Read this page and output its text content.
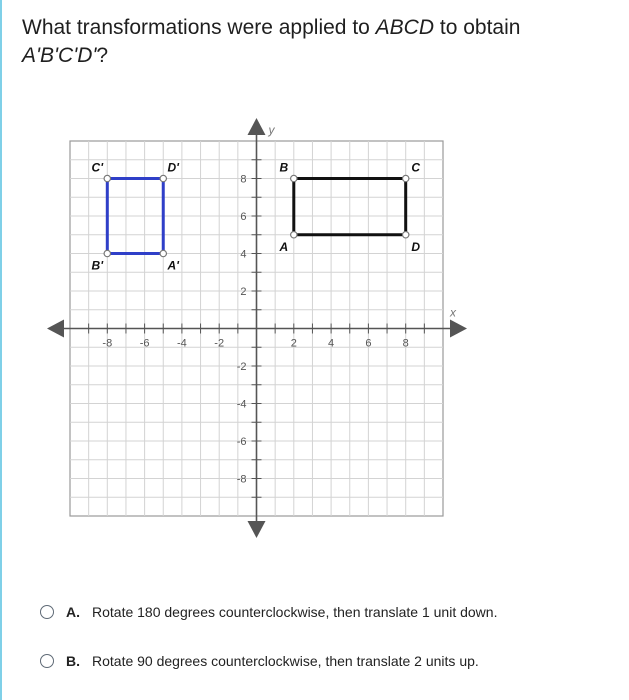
What transformations were applied to ABCD to obtain
A'B'C'D'?
y
x
-8	-6	-4	-2	2	4	6	8
8
6
4
2
-2
-4
-6
-8
A
B	C
D
A'
B'
C'	D'
A. Rotate 180 degrees counterclockwise, then translate 1 unit down.
B. Rotate 90 degrees counterclockwise, then translate 2 units up.
